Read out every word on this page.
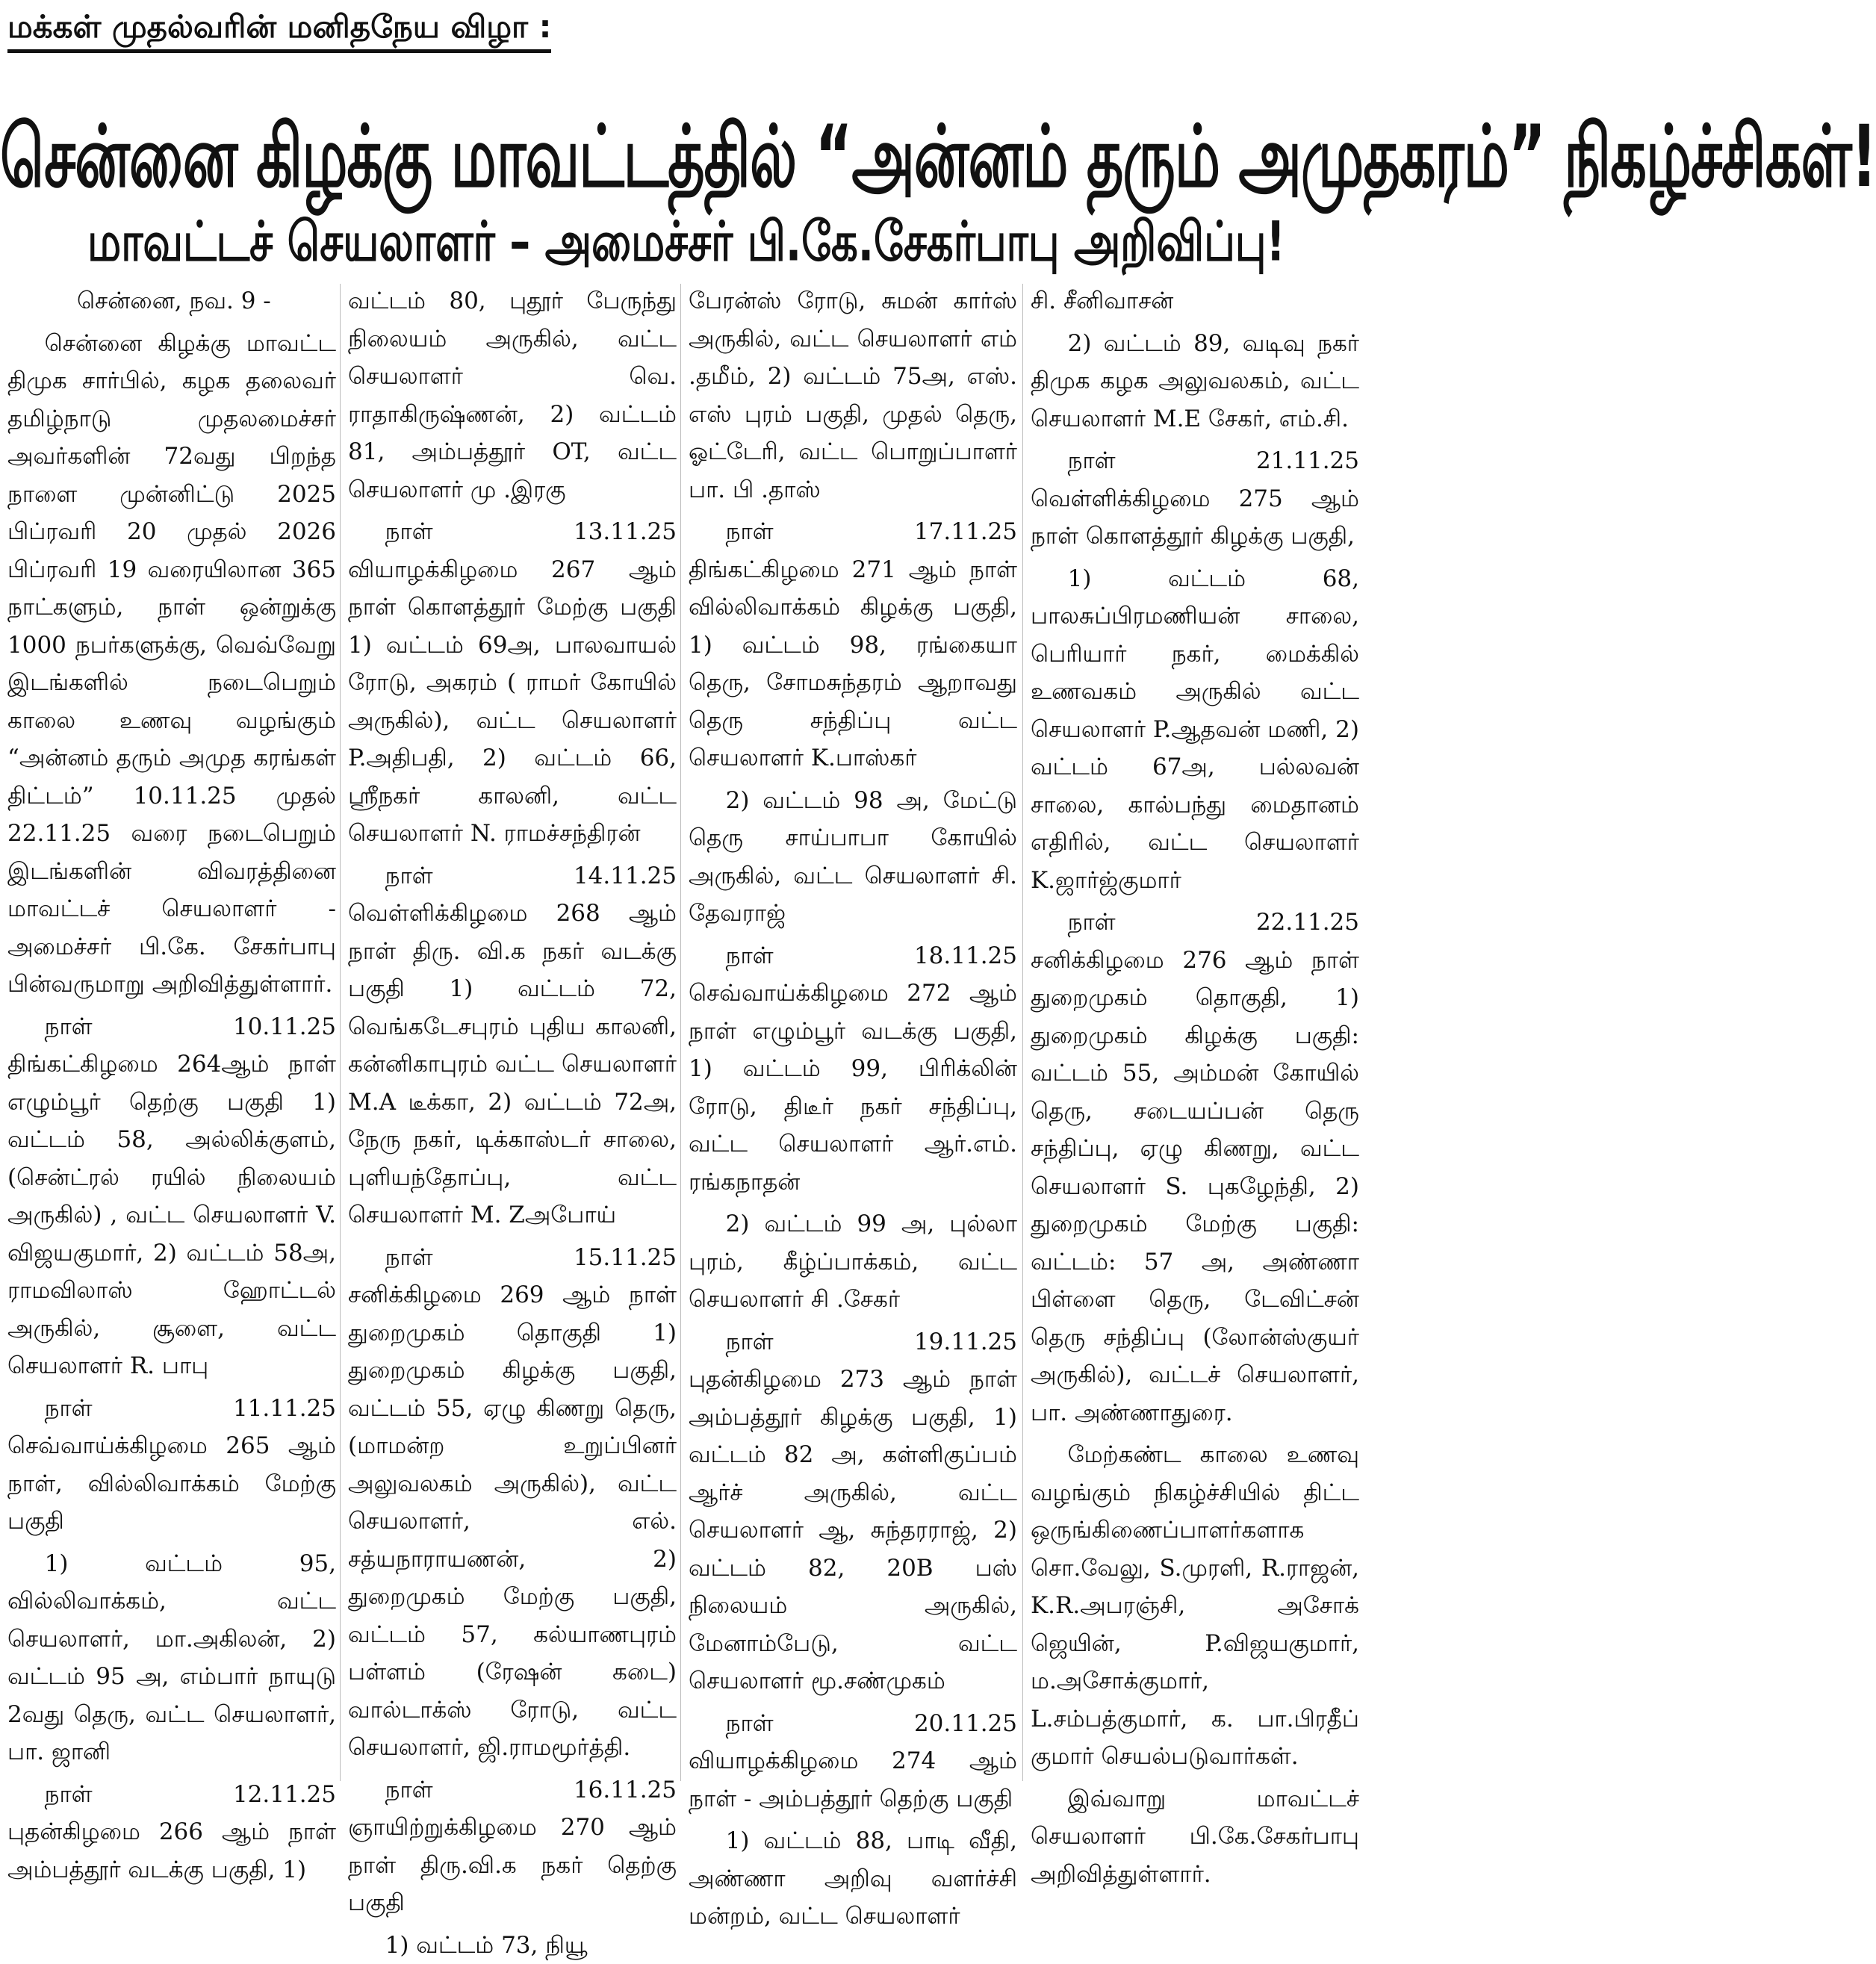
மக்கள் முதல்வரின் மனிதநேய விழா :
சென்னை கிழக்கு மாவட்டத்தில் “அன்னம் தரும் அமுதகரம்” நிகழ்ச்சிகள்!
மாவட்டச் செயலாளர் – அமைச்சர் பி.கே.சேகர்பாபு அறிவிப்பு!

சென்னை, நவ. 9 -

சென்னை கிழக்கு மாவட்ட திமுக சார்பில், கழக தலைவர் தமிழ்நாடு முதலமைச்சர் அவர்களின் 72வது பிறந்த நாளை முன்னிட்டு 2025 பிப்ரவரி 20 முதல் 2026 பிப்ரவரி 19 வரையிலான 365 நாட்களும், நாள் ஒன்றுக்கு 1000 நபர்களுக்கு, வெவ்வேறு இடங்களில் நடைபெறும் காலை உணவு வழங்கும் “அன்னம் தரும் அமுத கரங்கள் திட்டம்” 10.11.25 முதல் 22.11.25 வரை நடைபெறும் இடங்களின் விவரத்தினை மாவட்டச் செயலாளர் - அமைச்சர் பி.கே. சேகர்பாபு பின்வருமாறு அறிவித்துள்ளார்.

நாள் 10.11.25 திங்கட்கிழமை 264ஆம் நாள் எழும்பூர் தெற்கு பகுதி 1) வட்டம் 58, அல்லிக்குளம், (சென்ட்ரல் ரயில் நிலையம் அருகில்) , வட்ட செயலாளர் V. விஜயகுமார், 2) வட்டம் 58அ, ராமவிலாஸ் ஹோட்டல் அருகில், சூளை, வட்ட செயலாளர் R. பாபு

நாள் 11.11.25 செவ்வாய்க்கிழமை 265 ஆம் நாள், வில்லிவாக்கம் மேற்கு பகுதி

1) வட்டம் 95, வில்லிவாக்கம், வட்ட செயலாளர், மா.அகிலன், 2) வட்டம் 95 அ, எம்பார் நாயுடு 2வது தெரு, வட்ட செயலாளர், பா. ஜானி

நாள் 12.11.25 புதன்கிழமை 266 ஆம் நாள் அம்பத்தூர் வடக்கு பகுதி, 1)

வட்டம் 80, புதூர் பேருந்து நிலையம் அருகில், வட்ட செயலாளர் வெ. ராதாகிருஷ்ணன், 2) வட்டம் 81, அம்பத்தூர் OT, வட்ட செயலாளர் மு .இரகு

நாள் 13.11.25 வியாழக்கிழமை 267 ஆம் நாள் கொளத்தூர் மேற்கு பகுதி 1) வட்டம் 69அ, பாலவாயல் ரோடு, அகரம் ( ராமர் கோயில் அருகில்), வட்ட செயலாளர் P.அதிபதி, 2) வட்டம் 66, ஸ்ரீநகர் காலனி, வட்ட செயலாளர் N. ராமச்சந்திரன்

நாள் 14.11.25 வெள்ளிக்கிழமை 268 ஆம் நாள் திரு. வி.க நகர் வடக்கு பகுதி 1) வட்டம் 72, வெங்கடேசபுரம் புதிய காலனி, கன்னிகாபுரம் வட்ட செயலாளர் M.A டீக்கா, 2) வட்டம் 72அ, நேரு நகர், டிக்காஸ்டர் சாலை, புளியந்தோப்பு, வட்ட செயலாளர் M. Zஅபோய்

நாள் 15.11.25 சனிக்கிழமை 269 ஆம் நாள் துறைமுகம் தொகுதி 1) துறைமுகம் கிழக்கு பகுதி, வட்டம் 55, ஏழு கிணறு தெரு, (மாமன்ற உறுப்பினர் அலுவலகம் அருகில்), வட்ட செயலாளர், எல். சத்யநாராயணன், 2) துறைமுகம் மேற்கு பகுதி, வட்டம் 57, கல்யாணபுரம் பள்ளம் (ரேஷன் கடை) வால்டாக்ஸ் ரோடு, வட்ட செயலாளர், ஜி.ராமமூர்த்தி.

நாள் 16.11.25 ஞாயிற்றுக்கிழமை 270 ஆம் நாள் திரு.வி.க நகர் தெற்கு பகுதி

1) வட்டம் 73, நியூ

பேரன்ஸ் ரோடு, சுமன் கார்ஸ் அருகில், வட்ட செயலாளர் எம் .தமீம், 2) வட்டம் 75அ, எஸ். எஸ் புரம் பகுதி, முதல் தெரு, ஓட்டேரி, வட்ட பொறுப்பாளர் பா. பி .தாஸ்

நாள் 17.11.25 திங்கட்கிழமை 271 ஆம் நாள் வில்லிவாக்கம் கிழக்கு பகுதி, 1) வட்டம் 98, ரங்கையா தெரு, சோமசுந்தரம் ஆறாவது தெரு சந்திப்பு வட்ட செயலாளர் K.பாஸ்கர்

2) வட்டம் 98 அ, மேட்டு தெரு சாய்பாபா கோயில் அருகில், வட்ட செயலாளர் சி. தேவராஜ்

நாள் 18.11.25 செவ்வாய்க்கிழமை 272 ஆம் நாள் எழும்பூர் வடக்கு பகுதி, 1) வட்டம் 99, பிரிக்லின் ரோடு, திடீர் நகர் சந்திப்பு, வட்ட செயலாளர் ஆர்.எம். ரங்கநாதன்

2) வட்டம் 99 அ, புல்லா புரம், கீழ்ப்பாக்கம், வட்ட செயலாளர் சி .சேகர்

நாள் 19.11.25 புதன்கிழமை 273 ஆம் நாள் அம்பத்தூர் கிழக்கு பகுதி, 1) வட்டம் 82 அ, கள்ளிகுப்பம் ஆர்ச் அருகில், வட்ட செயலாளர் ஆ, சுந்தரராஜ், 2) வட்டம் 82, 20B பஸ் நிலையம் அருகில், மேனாம்பேடு, வட்ட செயலாளர் மூ.சண்முகம்

நாள் 20.11.25 வியாழக்கிழமை 274 ஆம் நாள் - அம்பத்தூர் தெற்கு பகுதி

1) வட்டம் 88, பாடி வீதி, அண்ணா அறிவு வளர்ச்சி மன்றம், வட்ட செயலாளர்

சி. சீனிவாசன்

2) வட்டம் 89, வடிவு நகர் திமுக கழக அலுவலகம், வட்ட செயலாளர் M.E சேகர், எம்.சி.

நாள் 21.11.25 வெள்ளிக்கிழமை 275 ஆம் நாள் கொளத்தூர் கிழக்கு பகுதி,

1) வட்டம் 68, பாலசுப்பிரமணியன் சாலை, பெரியார் நகர், மைக்கில் உணவகம் அருகில் வட்ட செயலாளர் P.ஆதவன் மணி, 2) வட்டம் 67அ, பல்லவன் சாலை, கால்பந்து மைதானம் எதிரில், வட்ட செயலாளர் K.ஜார்ஜ்குமார்

நாள் 22.11.25 சனிக்கிழமை 276 ஆம் நாள் துறைமுகம் தொகுதி, 1) துறைமுகம் கிழக்கு பகுதி: வட்டம் 55, அம்மன் கோயில் தெரு, சடையப்பன் தெரு சந்திப்பு, ஏழு கிணறு, வட்ட செயலாளர் S. புகழேந்தி, 2) துறைமுகம் மேற்கு பகுதி: வட்டம்: 57 அ, அண்ணா பிள்ளை தெரு, டேவிட்சன் தெரு சந்திப்பு (லோன்ஸ்குயர் அருகில்), வட்டச் செயலாளர், பா. அண்ணாதுரை.

மேற்கண்ட காலை உணவு வழங்கும் நிகழ்ச்சியில் திட்ட ஒருங்கிணைப்பாளர்களாக சொ.வேலு, S.முரளி, R.ராஜன், K.R.அபரஞ்சி, அசோக் ஜெயின், P.விஜயகுமார், ம.அசோக்குமார், L.சம்பத்குமார், க. பா.பிரதீப் குமார் செயல்படுவார்கள்.

இவ்வாறு மாவட்டச் செயலாளர் பி.கே.சேகர்பாபு அறிவித்துள்ளார்.
